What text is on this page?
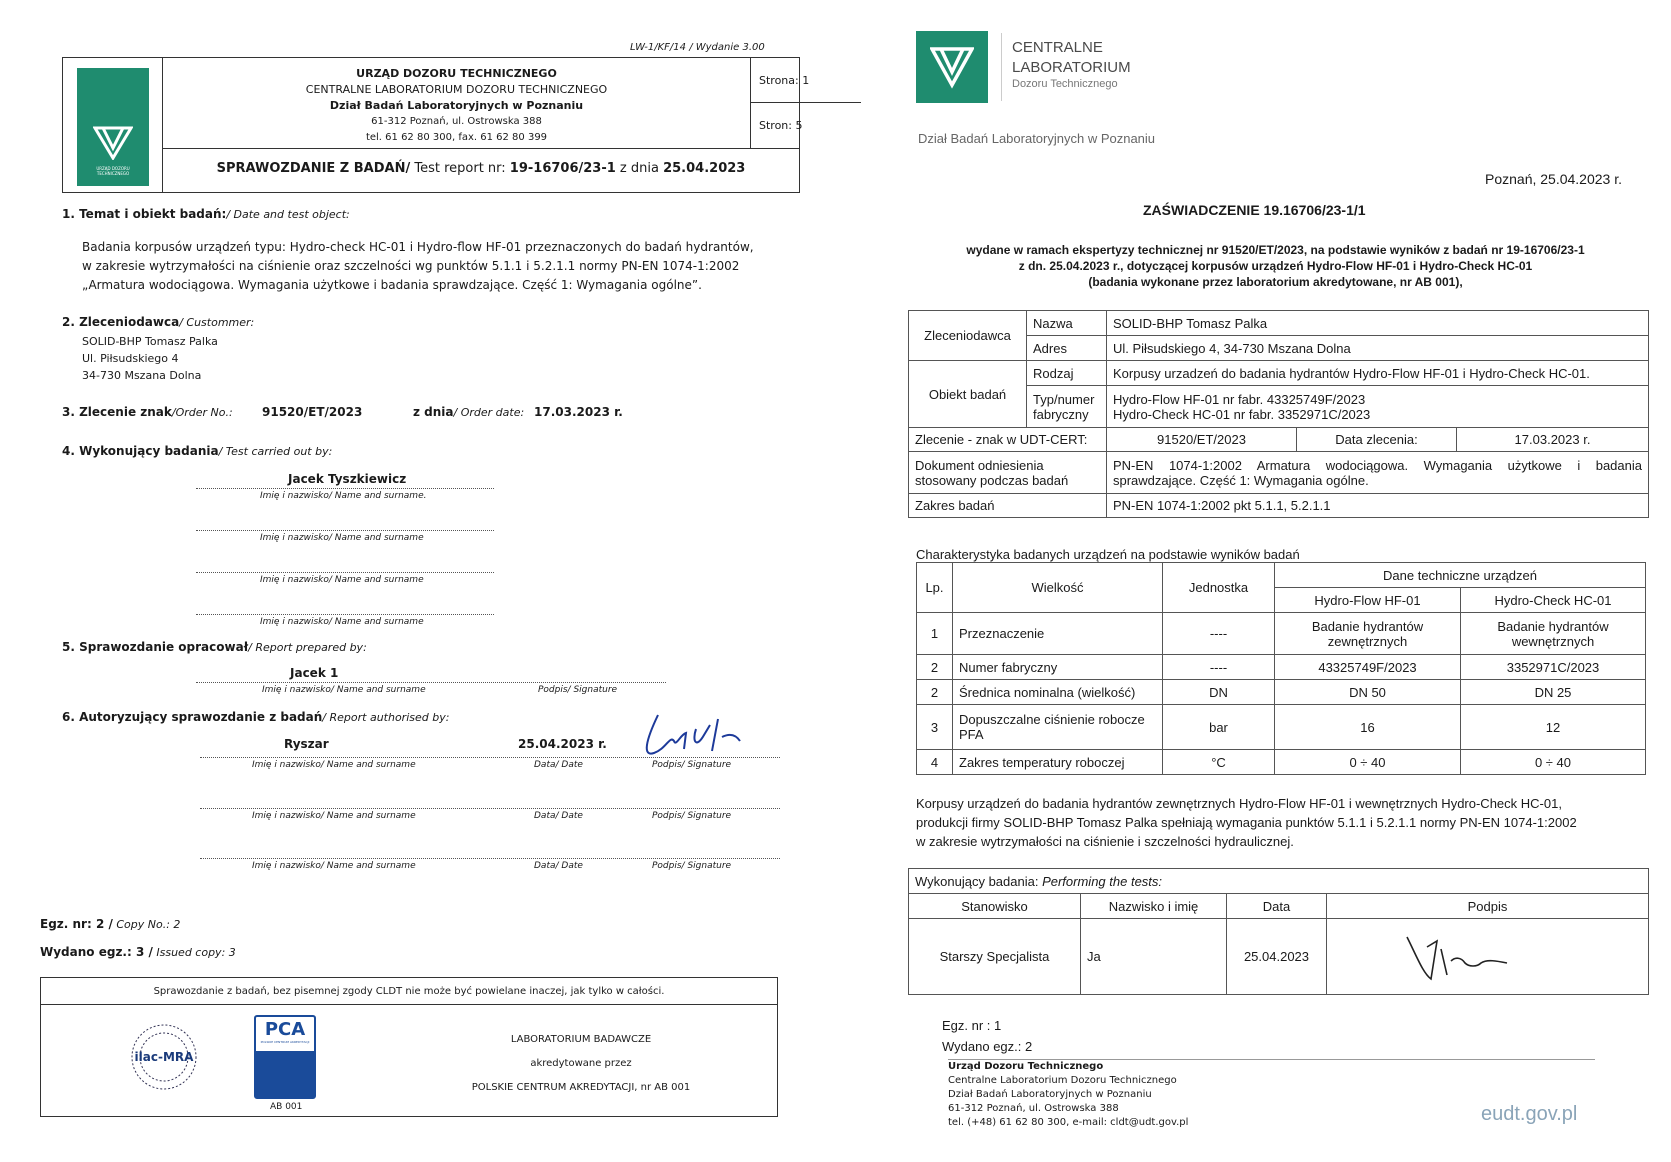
LW-1/KF/14 / Wydanie 3.00
URZĄD DOZORU TECHNICZNEGO
URZĄD DOZORU TECHNICZNEGO
CENTRALNE LABORATORIUM DOZORU TECHNICZNEGO
Dział Badań Laboratoryjnych w Poznaniu
61-312 Poznań, ul. Ostrowska 388
tel. 61 62 80 300, fax. 61 62 80 399
Strona: 1
Stron: 5
SPRAWOZDANIE Z BADAŃ/ Test report nr: 19-16706/23-1 z dnia 25.04.2023
1. Temat i obiekt badań:/ Date and test object:
Badania korpusów urządzeń typu: Hydro-check HC-01 i Hydro-flow HF-01 przeznaczonych do badań hydrantów,
w zakresie wytrzymałości na ciśnienie oraz szczelności wg punktów 5.1.1 i 5.2.1.1 normy PN-EN 1074-1:2002
„Armatura wodociągowa. Wymagania użytkowe i badania sprawdzające. Część 1: Wymagania ogólne”.
2. Zleceniodawca/ Custommer:
SOLID-BHP Tomasz Palka
Ul. Piłsudskiego 4
34-730 Mszana Dolna
3. Zlecenie znak/Order No.: 91520/ET/2023	z dnia/ Order date: 17.03.2023 r.
4. Wykonujący badania/ Test carried out by:
Jacek Tyszkiewicz
Imię i nazwisko/ Name and surname.
Imię i nazwisko/ Name and surname
Imię i nazwisko/ Name and surname
Imię i nazwisko/ Name and surname
5. Sprawozdanie opracował/ Report prepared by:
Jacek 1
Imię i nazwisko/ Name and surname	Podpis/ Signature
6. Autoryzujący sprawozdanie z badań/ Report authorised by:
Ryszar	25.04.2023 r.
Imię i nazwisko/ Name and surname	Data/ Date	Podpis/ Signature
Imię i nazwisko/ Name and surname	Data/ Date	Podpis/ Signature
Imię i nazwisko/ Name and surname	Data/ Date	Podpis/ Signature
Egz. nr: 2 / Copy No.: 2
Wydano egz.: 3 / Issued copy: 3
Sprawozdanie z badań, bez pisemnej zgody CLDT nie może być powielane inaczej, jak tylko w całości.
ilac-MRA
PCA
POLSKIE CENTRUM AKREDYTACJI
AB 001
LABORATORIUM BADAWCZE
akredytowane przez
POLSKIE CENTRUM AKREDYTACJI, nr AB 001
CENTRALNE
LABORATORIUM
Dozoru Technicznego
Dział Badań Laboratoryjnych w Poznaniu
Poznań, 25.04.2023 r.
ZAŚWIADCZENIE 19.16706/23-1/1
wydane w ramach ekspertyzy technicznej nr 91520/ET/2023, na podstawie wyników z badań nr 19-16706/23-1
z dn. 25.04.2023 r., dotyczącej korpusów urządzeń Hydro-Flow HF-01 i Hydro-Check HC-01
(badania wykonane przez laboratorium akredytowane, nr AB 001),
Zleceniodawca	Nazwa	SOLID-BHP Tomasz Palka		
	Adres	Ul. Piłsudskiego 4, 34-730 Mszana Dolna		
Obiekt badań	Rodzaj	Korpusy urzadzeń do badania hydrantów Hydro-Flow HF-01 i Hydro-Check HC-01.		
	Typ/numer fabryczny	Hydro-Flow HF-01 nr fabr. 43325749F/2023
Hydro-Check HC-01 nr fabr. 3352971C/2023		

Zlecenie - znak w UDT-CERT:		91520/ET/2023	Data zlecenia:	17.03.2023 r.
Dokument odniesienia stosowany podczas badań		PN-EN 1074-1:2002 Armatura wodociągowa. Wymagania użytkowe i badania sprawdzające. Część 1: Wymagania ogólne.		
Zakres badań		PN-EN 1074-1:2002 pkt 5.1.1, 5.2.1.1		
Charakterystyka badanych urządzeń na podstawie wyników badań
Lp.	Wielkość	Jednostka	Dane techniczne urządzeń	
			Hydro-Flow HF-01	Hydro-Check HC-01
1	Przeznaczenie	----	Badanie hydrantów zewnętrznych	Badanie hydrantów wewnętrznych
2	Numer fabryczny	----	43325749F/2023	3352971C/2023
2	Średnica nominalna (wielkość)	DN	DN 50	DN 25
3	Dopuszczalne ciśnienie robocze PFA	bar	16	12
4	Zakres temperatury roboczej	°C	0 ÷ 40	0 ÷ 40
Korpusy urządzeń do badania hydrantów zewnętrznych Hydro-Flow HF-01 i wewnętrznych Hydro-Check HC-01,
produkcji firmy SOLID-BHP Tomasz Palka spełniają wymagania punktów 5.1.1 i 5.2.1.1 normy PN-EN 1074-1:2002
w zakresie wytrzymałości na ciśnienie i szczelności hydraulicznej.
Wykonujący badania: Performing the tests:			
Stanowisko	Nazwisko i imię	Data	Podpis
Starszy Specjalista	Ja	25.04.2023	
Egz. nr : 1
Wydano egz.: 2
Urząd Dozoru Technicznego
Centralne Laboratorium Dozoru Technicznego
Dział Badań Laboratoryjnych w Poznaniu
61-312 Poznań, ul. Ostrowska 388
tel. (+48) 61 62 80 300, e-mail: cldt@udt.gov.pl	eudt.gov.pl
